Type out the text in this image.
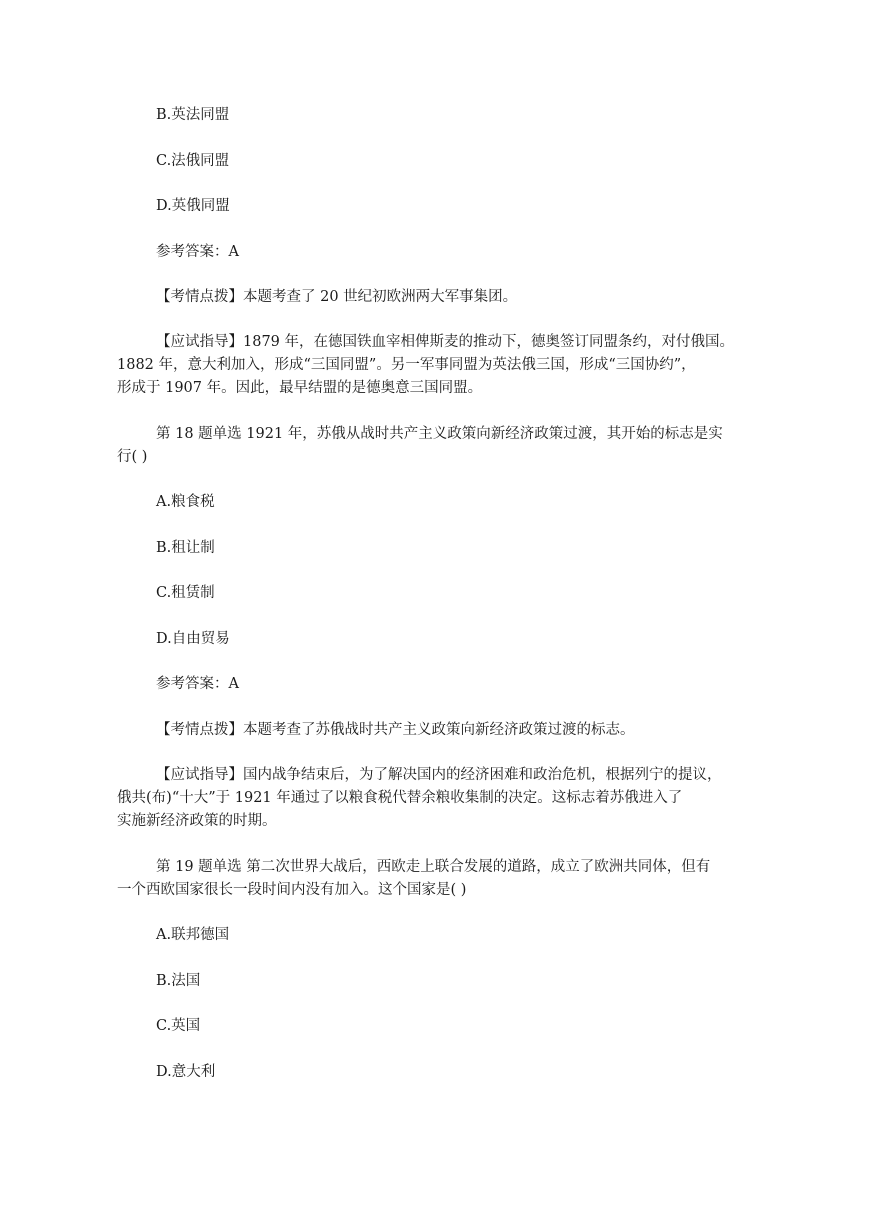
B.英法同盟
C.法俄同盟
D.英俄同盟
参考答案：A
【考情点拨】本题考查了 20 世纪初欧洲两大军事集团。
【应试指导】1879 年，在德国铁血宰相俾斯麦的推动下，德奥签订同盟条约，对付俄国。
1882 年，意大利加入，形成“三国同盟”。另一军事同盟为英法俄三国，形成“三国协约”，
形成于 1907 年。因此，最早结盟的是德奥意三国同盟。
第 18 题单选 1921 年，苏俄从战时共产主义政策向新经济政策过渡，其开始的标志是实
行( )
A.粮食税
B.租让制
C.租赁制
D.自由贸易
参考答案：A
【考情点拨】本题考查了苏俄战时共产主义政策向新经济政策过渡的标志。
【应试指导】国内战争结束后，为了解决国内的经济困难和政治危机，根据列宁的提议，
俄共(布)“十大”于 1921 年通过了以粮食税代替余粮收集制的决定。这标志着苏俄进入了
实施新经济政策的时期。
第 19 题单选 第二次世界大战后，西欧走上联合发展的道路，成立了欧洲共同体，但有
一个西欧国家很长一段时间内没有加入。这个国家是( )
A.联邦德国
B.法国
C.英国
D.意大利
